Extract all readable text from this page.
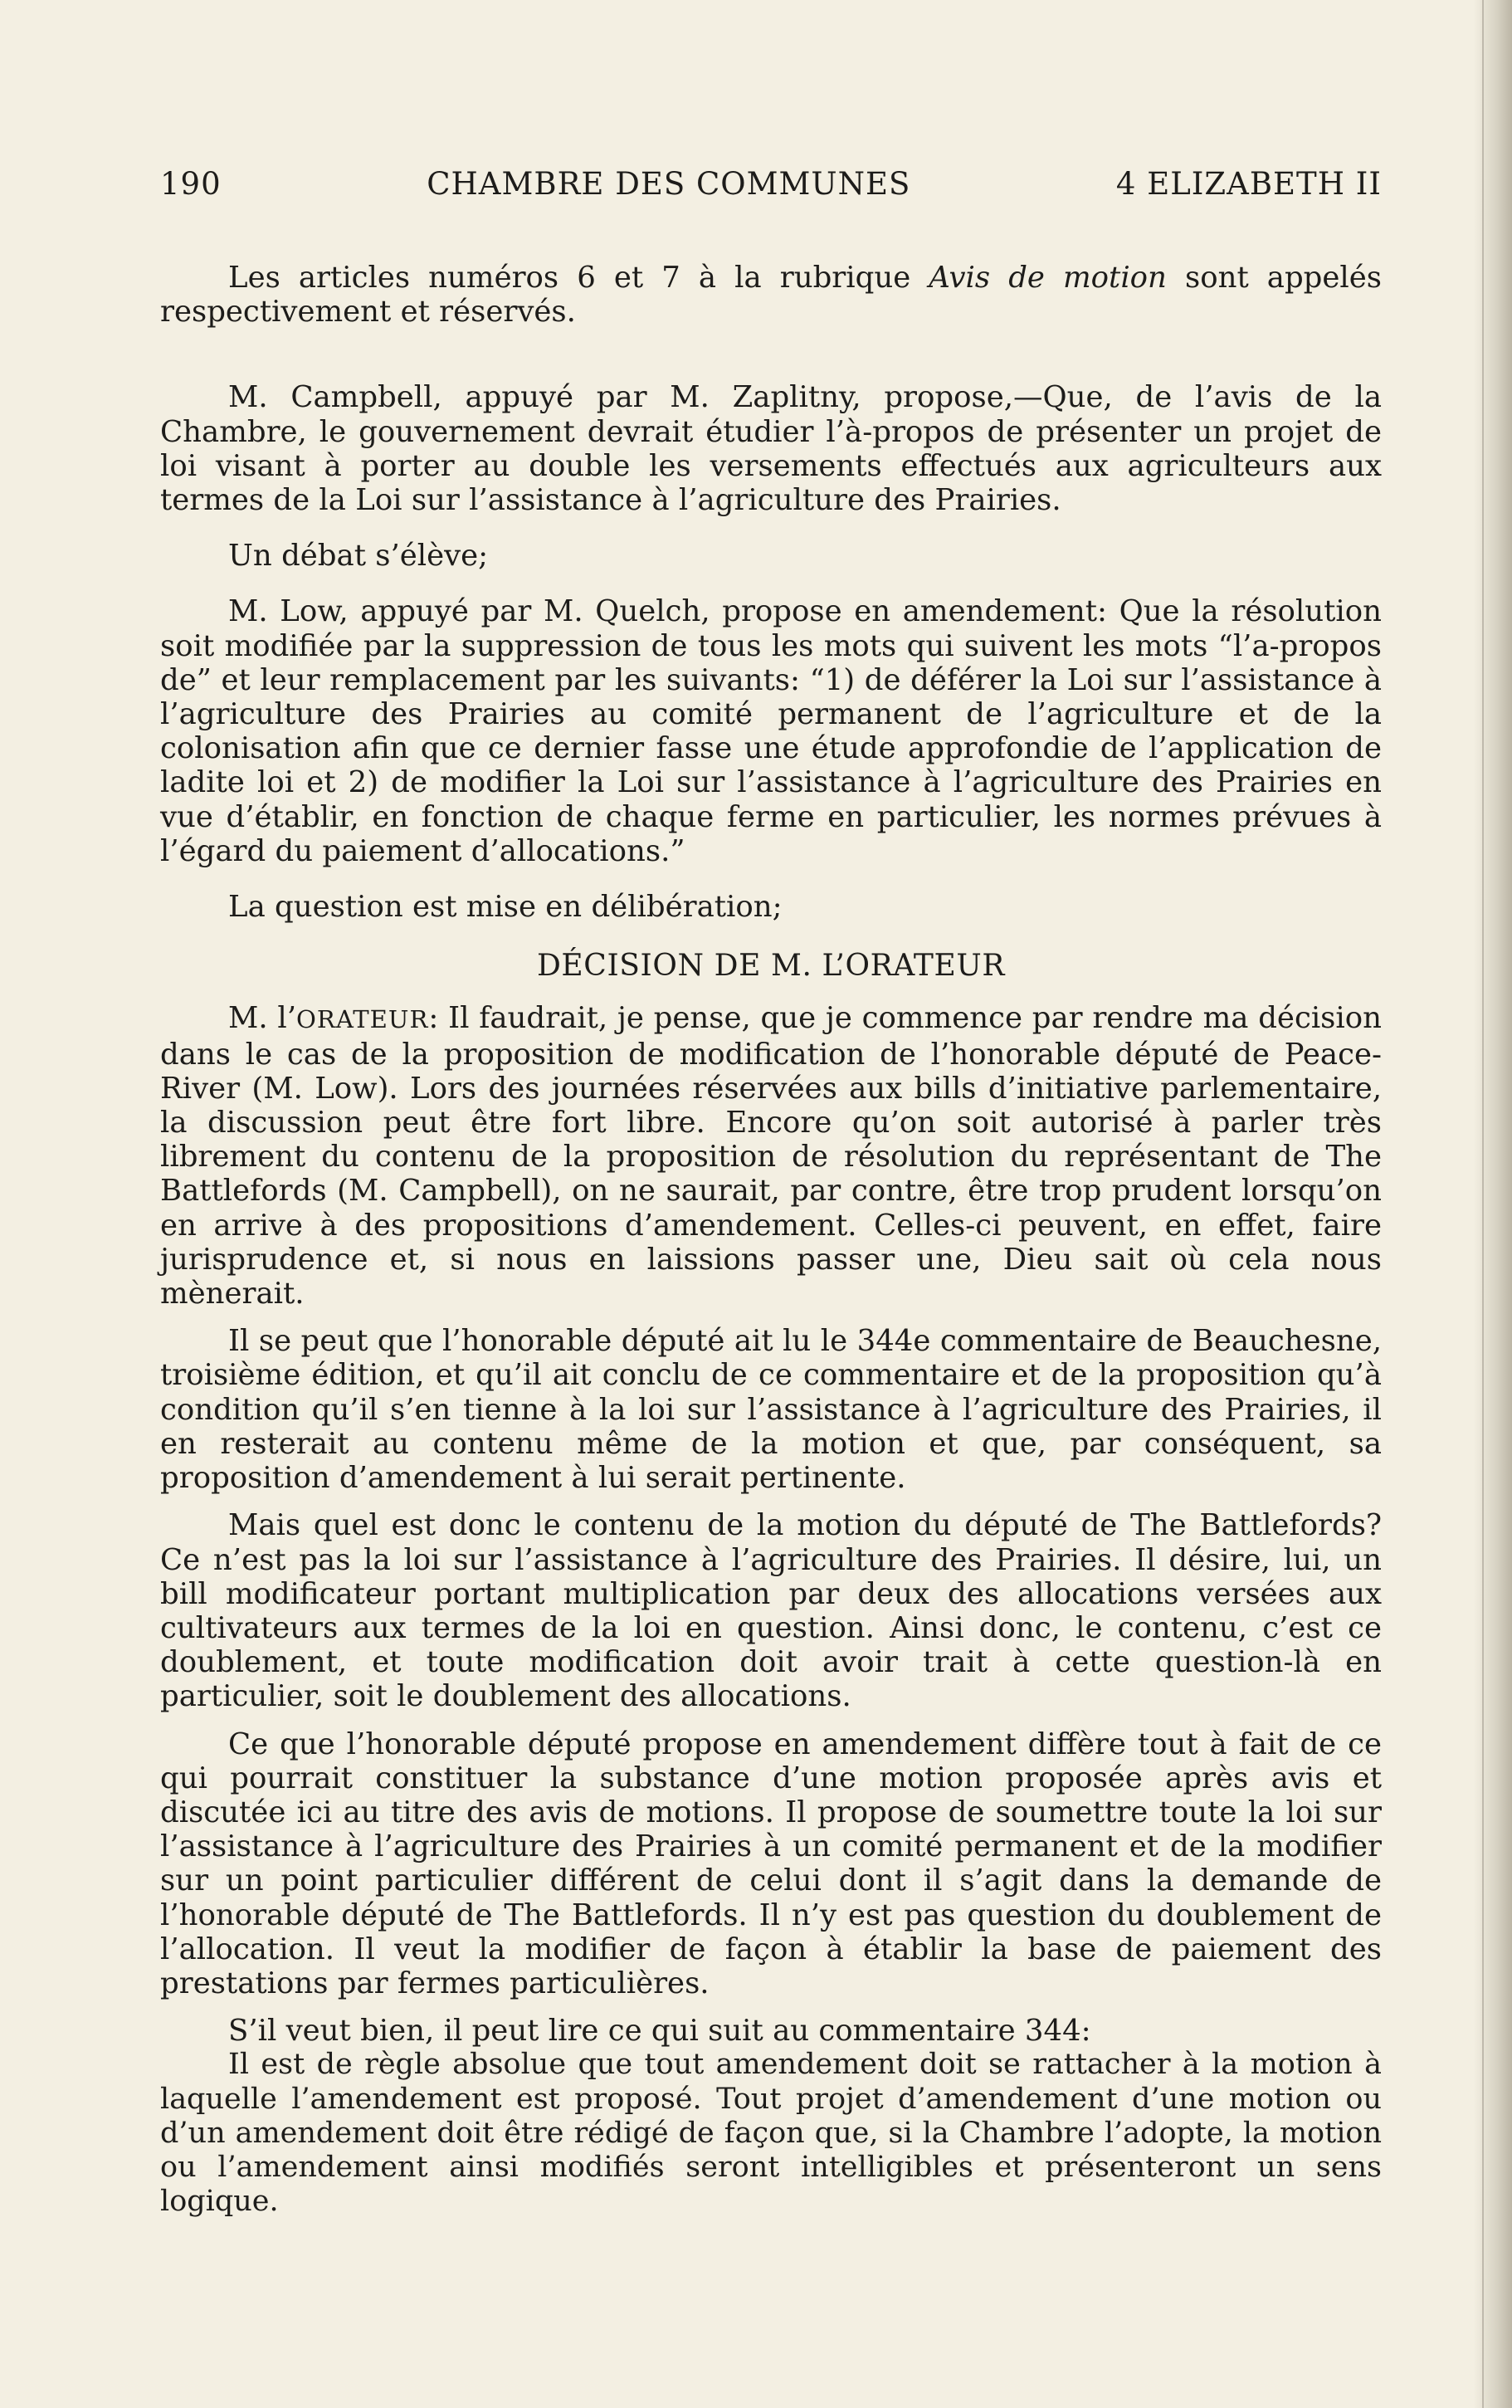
190	CHAMBRE DES COMMUNES	4 ELIZABETH II

Les articles numéros 6 et 7 à la rubrique Avis de motion sont appelés respectivement et réservés.

M. Campbell, appuyé par M. Zaplitny, propose,—Que, de l’avis de la Chambre, le gouvernement devrait étudier l’à-propos de présenter un projet de loi visant à porter au double les versements effectués aux agriculteurs aux termes de la Loi sur l’assistance à l’agriculture des Prairies.

Un débat s’élève;

M. Low, appuyé par M. Quelch, propose en amendement: Que la résolution soit modifiée par la suppression de tous les mots qui suivent les mots “l’a-propos de” et leur remplacement par les suivants: “1) de déférer la Loi sur l’assistance à l’agriculture des Prairies au comité permanent de l’agriculture et de la colonisation afin que ce dernier fasse une étude approfondie de l’application de ladite loi et 2) de modifier la Loi sur l’assistance à l’agriculture des Prairies en vue d’établir, en fonction de chaque ferme en particulier, les normes prévues à l’égard du paiement d’allocations.”

La question est mise en délibération;

DÉCISION DE M. L’ORATEUR

M. l’ORATEUR: Il faudrait, je pense, que je commence par rendre ma décision dans le cas de la proposition de modification de l’honorable député de Peace-River (M. Low). Lors des journées réservées aux bills d’initiative parlementaire, la discussion peut être fort libre. Encore qu’on soit autorisé à parler très librement du contenu de la proposition de résolution du représentant de The Battlefords (M. Campbell), on ne saurait, par contre, être trop prudent lorsqu’on en arrive à des propositions d’amendement. Celles-ci peuvent, en effet, faire jurisprudence et, si nous en laissions passer une, Dieu sait où cela nous mènerait.

Il se peut que l’honorable député ait lu le 344e commentaire de Beauchesne, troisième édition, et qu’il ait conclu de ce commentaire et de la proposition qu’à condition qu’il s’en tienne à la loi sur l’assistance à l’agriculture des Prairies, il en resterait au contenu même de la motion et que, par conséquent, sa proposition d’amendement à lui serait pertinente.

Mais quel est donc le contenu de la motion du député de The Battlefords? Ce n’est pas la loi sur l’assistance à l’agriculture des Prairies. Il désire, lui, un bill modificateur portant multiplication par deux des allocations versées aux cultivateurs aux termes de la loi en question. Ainsi donc, le contenu, c’est ce doublement, et toute modification doit avoir trait à cette question-là en particulier, soit le doublement des allocations.

Ce que l’honorable député propose en amendement diffère tout à fait de ce qui pourrait constituer la substance d’une motion proposée après avis et discutée ici au titre des avis de motions. Il propose de soumettre toute la loi sur l’assistance à l’agriculture des Prairies à un comité permanent et de la modifier sur un point particulier différent de celui dont il s’agit dans la demande de l’honorable député de The Battlefords. Il n’y est pas question du doublement de l’allocation. Il veut la modifier de façon à établir la base de paiement des prestations par fermes particulières.

S’il veut bien, il peut lire ce qui suit au commentaire 344:

Il est de règle absolue que tout amendement doit se rattacher à la motion à laquelle l’amendement est proposé. Tout projet d’amendement d’une motion ou d’un amendement doit être rédigé de façon que, si la Chambre l’adopte, la motion ou l’amendement ainsi modifiés seront intelligibles et présenteront un sens logique.
